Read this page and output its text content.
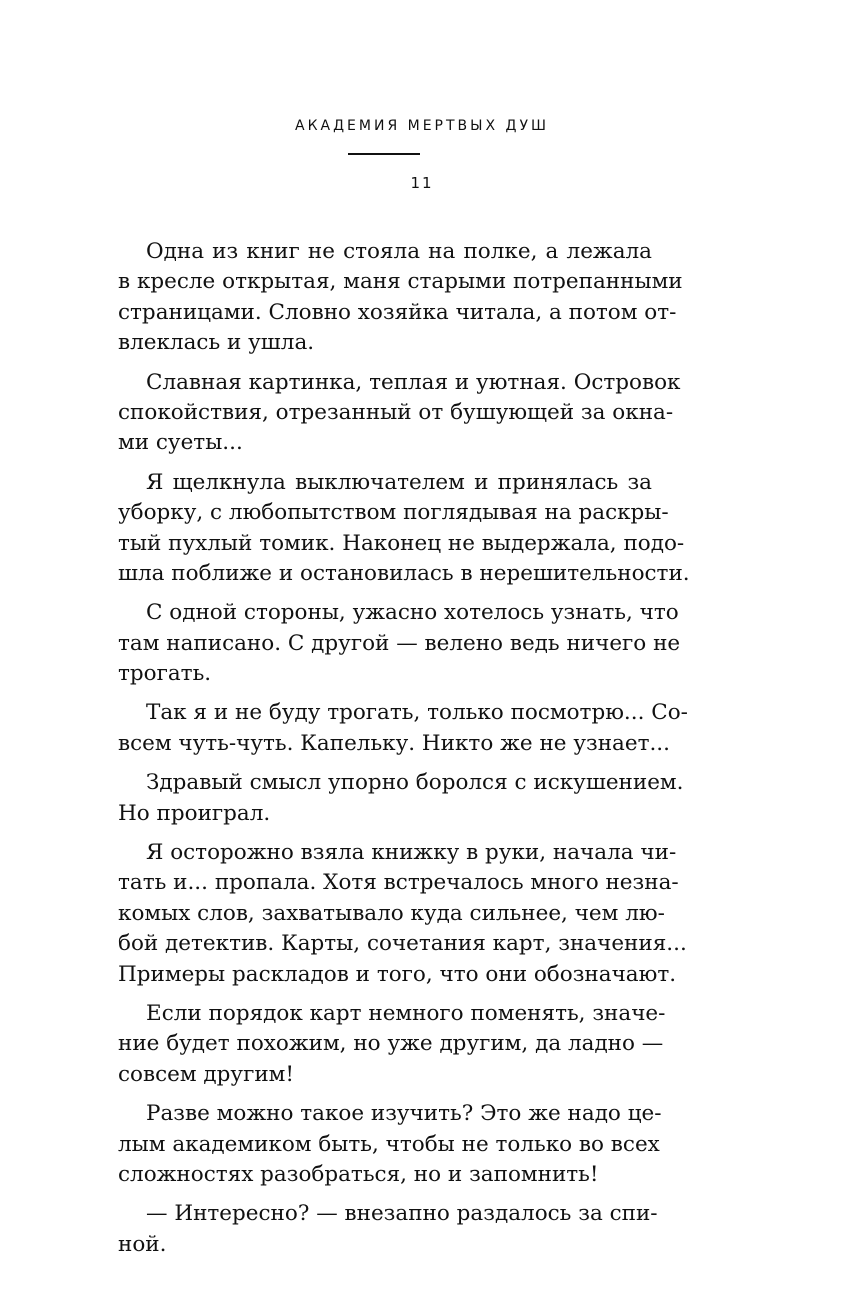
АКАДЕМИЯ МЕРТВЫХ ДУШ
11
Одна из книг не стояла на полке, а лежала
в кресле открытая, маня старыми потрепанными
страницами. Словно хозяйка читала, а потом от-
влеклась и ушла.
Славная картинка, теплая и уютная. Островок
спокойствия, отрезанный от бушующей за окна-
ми суеты...
Я щелкнула выключателем и принялась за
уборку, с любопытством поглядывая на раскры-
тый пухлый томик. Наконец не выдержала, подо-
шла поближе и остановилась в нерешительности.
С одной стороны, ужасно хотелось узнать, что
там написано. С другой — велено ведь ничего не
трогать.
Так я и не буду трогать, только посмотрю... Со-
всем чуть-чуть. Капельку. Никто же не узнает...
Здравый смысл упорно боролся с искушением.
Но проиграл.
Я осторожно взяла книжку в руки, начала чи-
тать и... пропала. Хотя встречалось много незна-
комых слов, захватывало куда сильнее, чем лю-
бой детектив. Карты, сочетания карт, значения...
Примеры раскладов и того, что они обозначают.
Если порядок карт немного поменять, значе-
ние будет похожим, но уже другим, да ладно —
совсем другим!
Разве можно такое изучить? Это же надо це-
лым академиком быть, чтобы не только во всех
сложностях разобраться, но и запомнить!
— Интересно? — внезапно раздалось за спи-
ной.
